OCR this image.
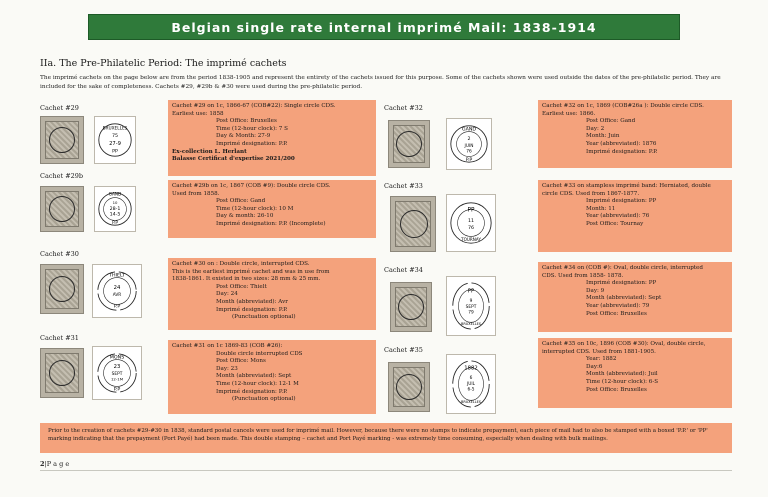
Belgian single rate internal imprimé Mail: 1838-1914
IIa. The Pre-Philatelic Period: The imprimé cachets
The imprimé cachets on the page below are from the period 1838-1905 and represent the entirety of the cachets issued for this purpose. Some of the cachets shown were used outside the dates of the pre-philatelic period. They are included for the sake of completeness. Cachets #29, #29b & #30 were used during the pre-philatelic period.
Cachet #29
BRUXELLES
75
27-9
PP
Cachet #29 on 1c, 1866-67 (COB#22): Single circle CDS.
Earliest use: 1858
Post Office: Bruxelles
Time (12-hour clock): 7 S
Day & Month: 27-9
Imprimé designation: P.P.
Ex-collection L. Herlant
Balasse Certificat d'expertise 2021/200
Cachet #29b
GAND
10
28-1
14-5
P.P
Cachet #29b on 1c, 1867 (COB #9): Double circle CDS.
Used from 1858.
Post Office: Gand
Time (12-hour clock): 10 M
Day & month: 26-10
Imprimé designation: P.P. (Incomplete)
Cachet #30
THIELT
24
AVR
P.P
Cachet #30 on : Double circle, interrupted CDS.
This is the earliest imprimé cachet and was in use from
1838-1861. It existed in two sizes: 28 mm & 25 mm.
Post Office: Thielt
Day: 24
Month (abbreviated): Avr
Imprimé designation: P.P.
(Punctuation optional)
Cachet #31
MONS
23
SEPT
12-1M
P.P
Cachet #31 on 1c 1869-83 (COB #26):
Double circle interrupted CDS
Post Office: Mons
Day: 23
Month (abbreviated): Sept
Time (12-hour clock): 12-1 M
Imprimé designation: P.P.
(Punctuation optional)
Cachet #32
GAND
2
JUIN
76
P.P
Cachet #32 on 1c, 1869 (COB#26a ): Double circle CDS.
Earliest use: 1866.
Post Office: Gand
Day: 2
Month: Juin
Year (abbreviated): 1876
Imprimé designation: P.P.
Cachet #33
PP
11
76
TOURNAY
Cachet #33 on stampless imprimé band: Herniated, double
circle CDS. Used from 1867-1877.
Imprimé designation: PP
Month: 11
Year (abbreviated): 76
Post Office: Tournay
Cachet #34
PP
9
SEPT
79
BRUXELLES
Cachet #34 on (COB #): Oval, double circle, interrupted
CDS. Used from 1858- 1878.
Imprimé designation: PP
Day: 9
Month (abbreviated): Sept
Year (abbreviated): 79
Post Office: Bruxelles
Cachet #35
1882
6
JUIL
6-5
BRUXELLES
Cachet #35 on 10c, 1896 (COB #30): Oval, double circle,
interrupted CDS. Used from 1881-1905.
Year: 1882
Day:6
Month (abbreviated): Juil
Time (12-hour clock): 6-S
Post Office: Bruxelles
Prior to the creation of cachets #29-#30 in 1838, standard postal cancels were used for imprimé mail. However, because there were no stamps to indicate prepayment, each piece of mail had to also be stamped with a boxed 'P.P.' or 'PP' marking indicating that the prepayment (Port Payé) had been made. This double stamping – cachet and Port Payé marking - was extremely time consuming, especially when dealing with bulk mailings.
2|P a g e
